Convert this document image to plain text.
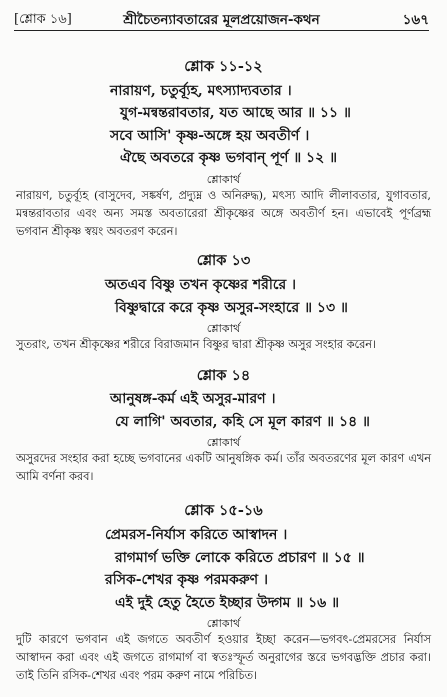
[শ্লোক ১৬]	শ্রীচৈতন্যাবতারের মূলপ্রয়োজন-কথন	১৬৭
শ্লোক ১১-১২
নারায়ণ, চতুর্ব্যূহ, মৎস্যাদ্যবতার ।
যুগ-মন্বন্তরাবতার, যত আছে আর ॥ ১১ ॥
সবে আসি' কৃষ্ণ-অঙ্গে হয় অবতীর্ণ ।
ঐছে অবতরে কৃষ্ণ ভগবান্ পূর্ণ ॥ ১২ ॥
শ্লোকার্থ
নারায়ণ, চতুর্ব্যূহ (বাসুদেব, সঙ্কর্ষণ, প্রদ্যুম্ন ও অনিরুদ্ধ), মৎস্য আদি লীলাবতার, যুগাবতার, মন্বন্তরাবতার এবং অন্য সমস্ত অবতারেরা শ্রীকৃষ্ণের অঙ্গে অবতীর্ণ হন। এভাবেই পূর্ণব্রহ্ম ভগবান শ্রীকৃষ্ণ স্বয়ং অবতরণ করেন।
শ্লোক ১৩
অতএব বিষ্ণু তখন কৃষ্ণের শরীরে ।
বিষ্ণুদ্বারে করে কৃষ্ণ অসুর-সংহারে ॥ ১৩ ॥
শ্লোকার্থ
সুতরাং, তখন শ্রীকৃষ্ণের শরীরে বিরাজমান বিষ্ণুর দ্বারা শ্রীকৃষ্ণ অসুর সংহার করেন।
শ্লোক ১৪
আনুষঙ্গ-কর্ম এই অসুর-মারণ ।
যে লাগি' অবতার, কহি সে মূল কারণ ॥ ১৪ ॥
শ্লোকার্থ
অসুরদের সংহার করা হচ্ছে ভগবানের একটি আনুষঙ্গিক কর্ম। তাঁর অবতরণের মূল কারণ এখন আমি বর্ণনা করব।
শ্লোক ১৫-১৬
প্রেমরস-নির্যাস করিতে আস্বাদন ।
রাগমার্গ ভক্তি লোকে করিতে প্রচারণ ॥ ১৫ ॥
রসিক-শেখর কৃষ্ণ পরমকরুণ ।
এই দুই হেতু হৈতে ইচ্ছার উদ্গম ॥ ১৬ ॥
শ্লোকার্থ
দুটি কারণে ভগবান এই জগতে অবতীর্ণ হওয়ার ইচ্ছা করেন—ভগবৎ-প্রেমরসের নির্যাস আস্বাদন করা এবং এই জগতে রাগমার্গ বা স্বতঃস্ফূর্ত অনুরাগের স্তরে ভগবদ্ভক্তি প্রচার করা। তাই তিনি রসিক-শেখর এবং পরম করুণ নামে পরিচিত।
